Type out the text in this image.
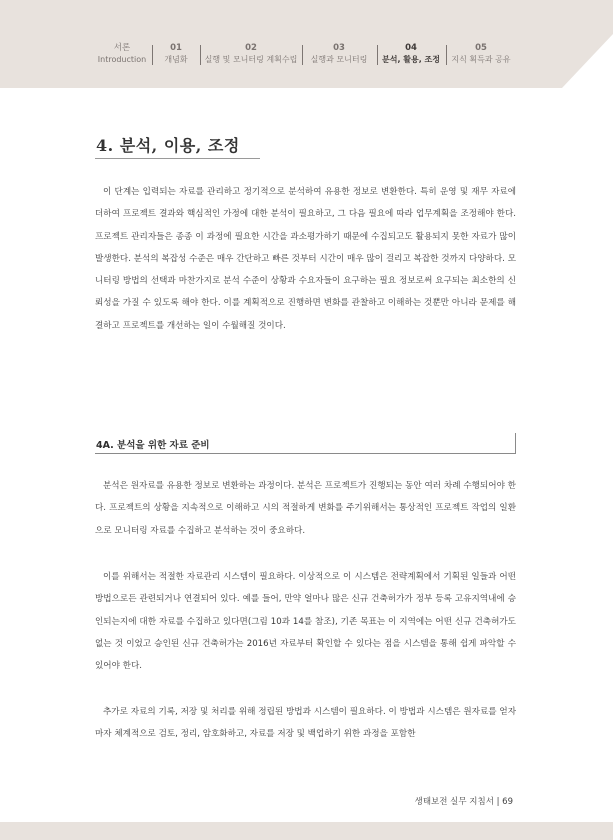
서론
Introduction
01
개념화
02
실행 및 모니터링 계획수립
03
실행과 모니터링
04
분석, 활용, 조정
05
지식 획득과 공유
4. 분석, 이용, 조정

이 단계는 입력되는 자료를 관리하고 정기적으로 분석하여 유용한 정보로 변환한다. 특히 운영 및 재무 자료에 더하여 프로젝트 결과와 핵심적인 가정에 대한 분석이 필요하고, 그 다음 필요에 따라 업무계획을 조정해야 한다. 프로젝트 관리자들은 종종 이 과정에 필요한 시간을 과소평가하기 때문에 수집되고도 활용되지 못한 자료가 많이 발생한다. 분석의 복잡성 수준은 매우 간단하고 빠른 것부터 시간이 매우 많이 걸리고 복잡한 것까지 다양하다. 모니터링 방법의 선택과 마찬가지로 분석 수준이 상황과 수요자들이 요구하는 필요 정보로써 요구되는 최소한의 신뢰성을 가질 수 있도록 해야 한다. 이를 계획적으로 진행하면 변화를 관찰하고 이해하는 것뿐만 아니라 문제를 해결하고 프로젝트를 개선하는 일이 수월해질 것이다.

4A. 분석을 위한 자료 준비

분석은 원자료를 유용한 정보로 변환하는 과정이다. 분석은 프로젝트가 진행되는 동안 여러 차례 수행되어야 한다. 프로젝트의 상황을 지속적으로 이해하고 시의 적절하게 변화를 주기위해서는 통상적인 프로젝트 작업의 일환으로 모니터링 자료를 수집하고 분석하는 것이 중요하다.

이를 위해서는 적절한 자료관리 시스템이 필요하다. 이상적으로 이 시스템은 전략계획에서 기획된 일들과 어떤 방법으로든 관련되거나 연결되어 있다. 예를 들어, 만약 얼마나 많은 신규 건축허가가 정부 등록 고유지역내에 승인되는지에 대한 자료를 수집하고 있다면(그림 10과 14를 참조), 기존 목표는 이 지역에는 어떤 신규 건축허가도 없는 것 이었고 승인된 신규 건축허가는 2016년 자료부터 확인할 수 있다는 점을 시스템을 통해 쉽게 파악할 수 있어야 한다.

추가로 자료의 기록, 저장 및 처리를 위해 정립된 방법과 시스템이 필요하다. 이 방법과 시스템은 원자료를 얻자마자 체계적으로 검토, 정리, 암호화하고, 자료를 저장 및 백업하기 위한 과정을 포함한

생태보전 실무 지침서 | 69
